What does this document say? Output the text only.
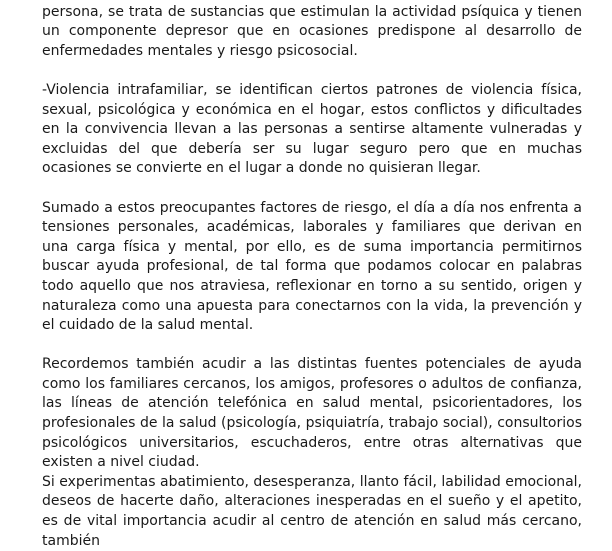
persona, se trata de sustancias que estimulan la actividad psíquica y tienen un componente depresor que en ocasiones predispone al desarrollo de enfermedades mentales y riesgo psicosocial.

-Violencia intrafamiliar, se identifican ciertos patrones de violencia física, sexual, psicológica y económica en el hogar, estos conflictos y dificultades en la convivencia llevan a las personas a sentirse altamente vulneradas y excluidas del que debería ser su lugar seguro pero que en muchas ocasiones se convierte en el lugar a donde no quisieran llegar.

Sumado a estos preocupantes factores de riesgo, el día a día nos enfrenta a tensiones personales, académicas, laborales y familiares que derivan en una carga física y mental, por ello, es de suma importancia permitirnos buscar ayuda profesional, de tal forma que podamos colocar en palabras todo aquello que nos atraviesa, reflexionar en torno a su sentido, origen y naturaleza como una apuesta para conectarnos con la vida, la prevención y el cuidado de la salud mental.

Recordemos también acudir a las distintas fuentes potenciales de ayuda como los familiares cercanos, los amigos, profesores o adultos de confianza, las líneas de atención telefónica en salud mental, psicorientadores, los profesionales de la salud (psicología, psiquiatría, trabajo social), consultorios psicológicos universitarios, escuchaderos, entre otras alternativas que existen a nivel ciudad.

Si experimentas abatimiento, desesperanza, llanto fácil, labilidad emocional, deseos de hacerte daño, alteraciones inesperadas en el sueño y el apetito, es de vital importancia acudir al centro de atención en salud más cercano, también
